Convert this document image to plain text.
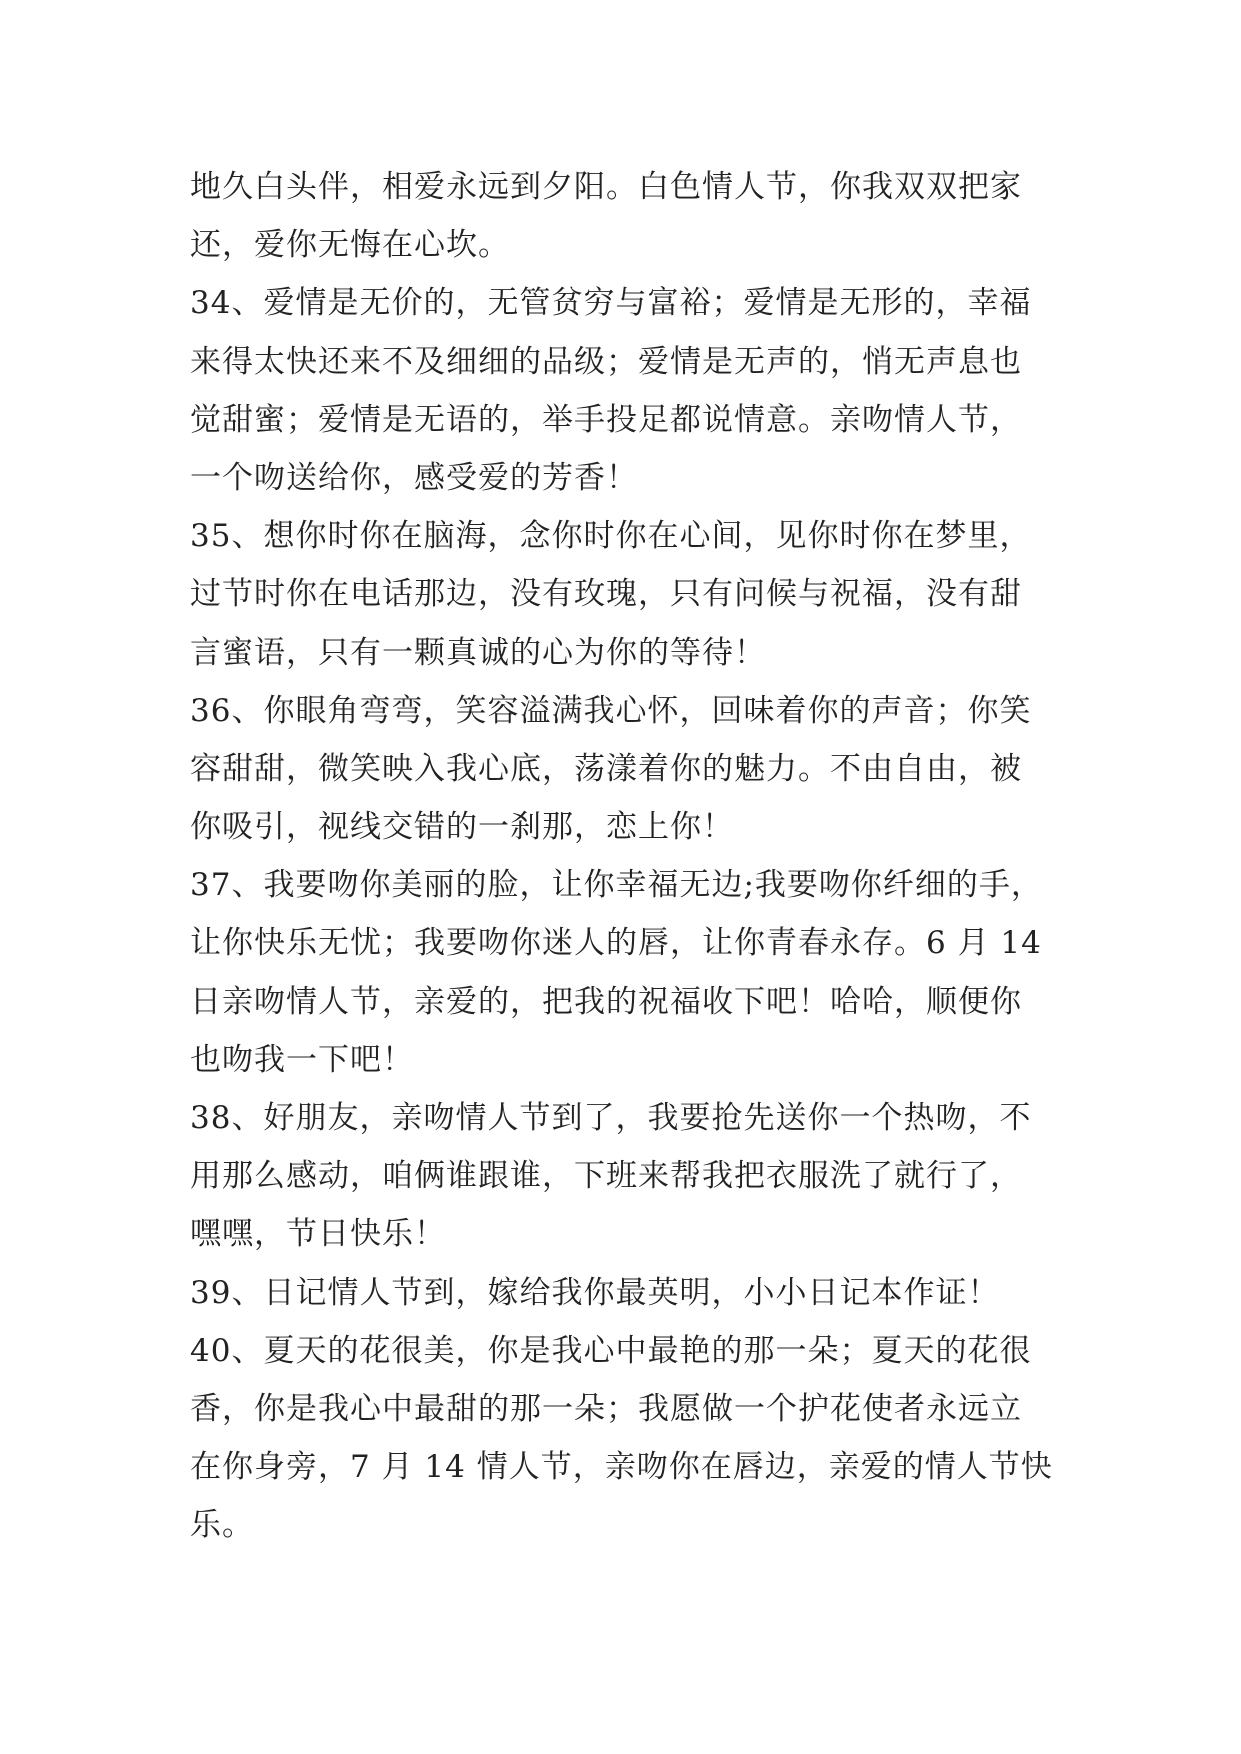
地久白头伴，相爱永远到夕阳。白色情人节，你我双双把家
还，爱你无悔在心坎。
34、爱情是无价的，无管贫穷与富裕；爱情是无形的，幸福
来得太快还来不及细细的品级；爱情是无声的，悄无声息也
觉甜蜜；爱情是无语的，举手投足都说情意。亲吻情人节，
一个吻送给你，感受爱的芳香！
35、想你时你在脑海，念你时你在心间，见你时你在梦里，
过节时你在电话那边，没有玫瑰，只有问候与祝福，没有甜
言蜜语，只有一颗真诚的心为你的等待！
36、你眼角弯弯，笑容溢满我心怀，回味着你的声音；你笑
容甜甜，微笑映入我心底，荡漾着你的魅力。不由自由，被
你吸引，视线交错的一刹那，恋上你！
37、我要吻你美丽的脸，让你幸福无边;我要吻你纤细的手，
让你快乐无忧；我要吻你迷人的唇，让你青春永存。6 月 14
日亲吻情人节，亲爱的，把我的祝福收下吧！哈哈，顺便你
也吻我一下吧！
38、好朋友，亲吻情人节到了，我要抢先送你一个热吻，不
用那么感动，咱俩谁跟谁，下班来帮我把衣服洗了就行了，
嘿嘿，节日快乐！
39、日记情人节到，嫁给我你最英明，小小日记本作证！
40、夏天的花很美，你是我心中最艳的那一朵；夏天的花很
香，你是我心中最甜的那一朵；我愿做一个护花使者永远立
在你身旁，7 月 14 情人节，亲吻你在唇边，亲爱的情人节快
乐。
